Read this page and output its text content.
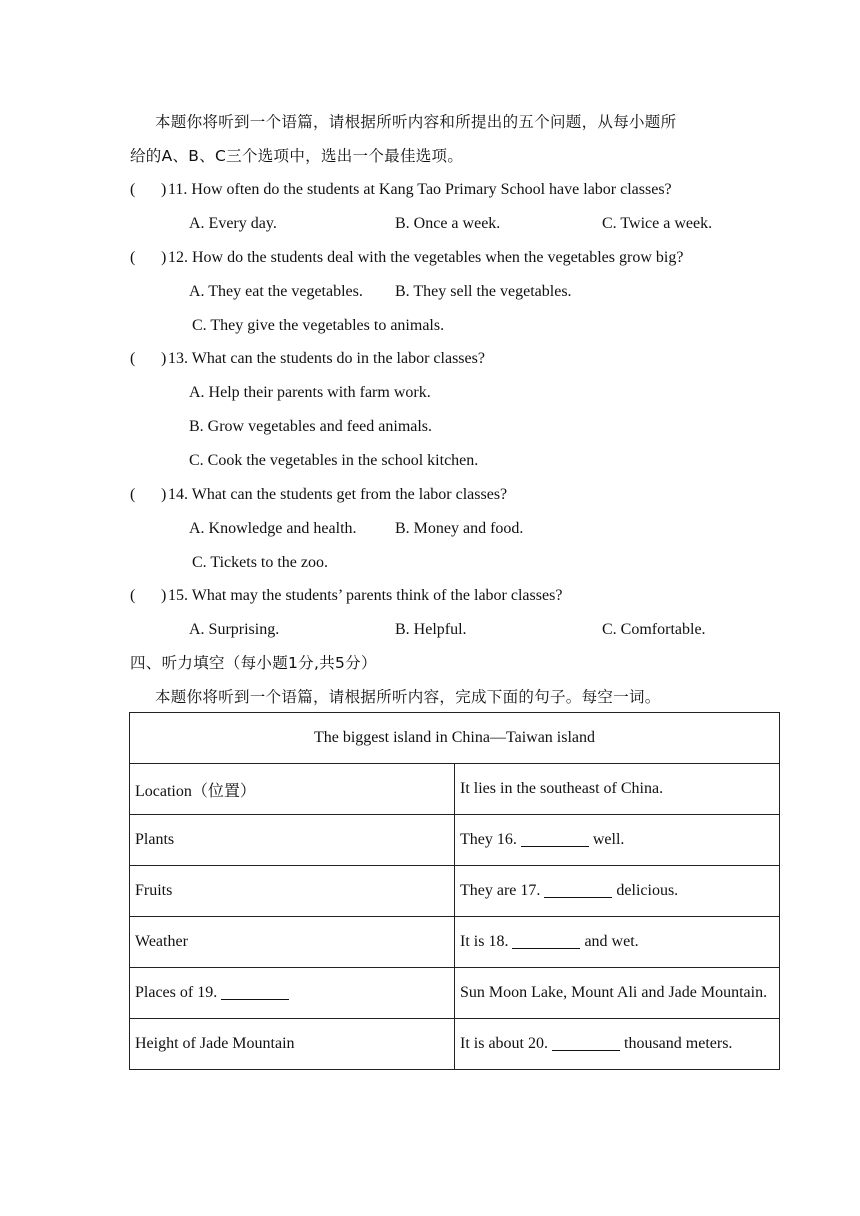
本题你将听到一个语篇，请根据所听内容和所提出的五个问题，从每小题所
给的A、B、C三个选项中，选出一个最佳选项。
( ) 11. How often do the students at Kang Tao Primary School have labor classes?
A. Every day.	B. Once a week.	C. Twice a week.
( ) 12. How do the students deal with the vegetables when the vegetables grow big?
A. They eat the vegetables. B. They sell the vegetables.
C. They give the vegetables to animals.
( ) 13. What can the students do in the labor classes?
A. Help their parents with farm work.
B. Grow vegetables and feed animals.
C. Cook the vegetables in the school kitchen.
( ) 14. What can the students get from the labor classes?
A. Knowledge and health. B. Money and food.
C. Tickets to the zoo.
( ) 15. What may the students’ parents think of the labor classes?
A. Surprising.	B. Helpful.	C. Comfortable.
四、听力填空（每小题1分,共5分）
本题你将听到一个语篇，请根据所听内容，完成下面的句子。每空一词。
The biggest island in China—Taiwan island	
Location（位置）	It lies in the southeast of China.
Plants	They 16. well.
Fruits	They are 17. delicious.
Weather	It is 18. and wet.
Places of 19.	Sun Moon Lake, Mount Ali and Jade Mountain.
Height of Jade Mountain	It is about 20. thousand meters.
